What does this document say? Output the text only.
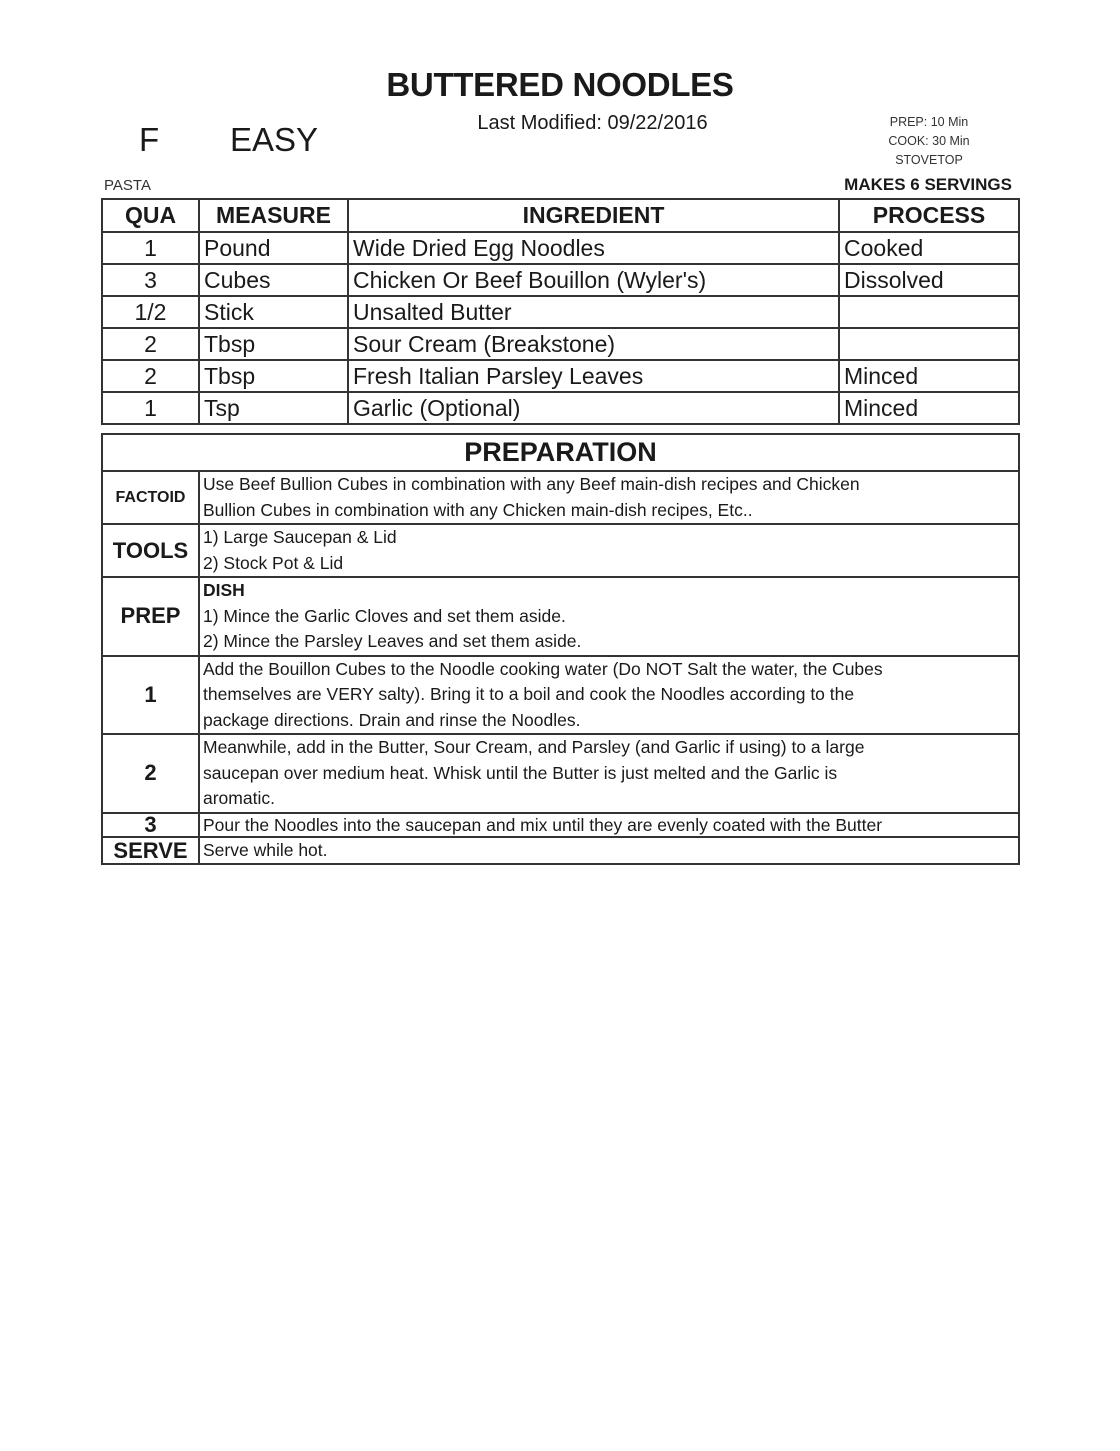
BUTTERED NOODLES
Last Modified: 09/22/2016
F EASY	PREP: 10 Min
COOK: 30 Min
STOVETOP
PASTA	MAKES 6 SERVINGS
QUA	MEASURE	INGREDIENT	PROCESS
1	Pound	Wide Dried Egg Noodles	Cooked
3	Cubes	Chicken Or Beef Bouillon (Wyler's)	Dissolved
1/2	Stick	Unsalted Butter	
2	Tbsp	Sour Cream (Breakstone)	
2	Tbsp	Fresh Italian Parsley Leaves	Minced
1	Tsp	Garlic (Optional)	Minced
PREPARATION	
FACTOID	Use Beef Bullion Cubes in combination with any Beef main-dish recipes and Chicken
Bullion Cubes in combination with any Chicken main-dish recipes, Etc..

TOOLS	1) Large Saucepan & Lid
2) Stock Pot & Lid

PREP	DISH
1) Mince the Garlic Cloves and set them aside.
2) Mince the Parsley Leaves and set them aside.

1	Add the Bouillon Cubes to the Noodle cooking water (Do NOT Salt the water, the Cubes
themselves are VERY salty). Bring it to a boil and cook the Noodles according to the
package directions. Drain and rinse the Noodles.

2	Meanwhile, add in the Butter, Sour Cream, and Parsley (and Garlic if using) to a large
saucepan over medium heat. Whisk until the Butter is just melted and the Garlic is
aromatic.

3	Pour the Noodles into the saucepan and mix until they are evenly coated with the Butter

SERVE	Serve while hot.
